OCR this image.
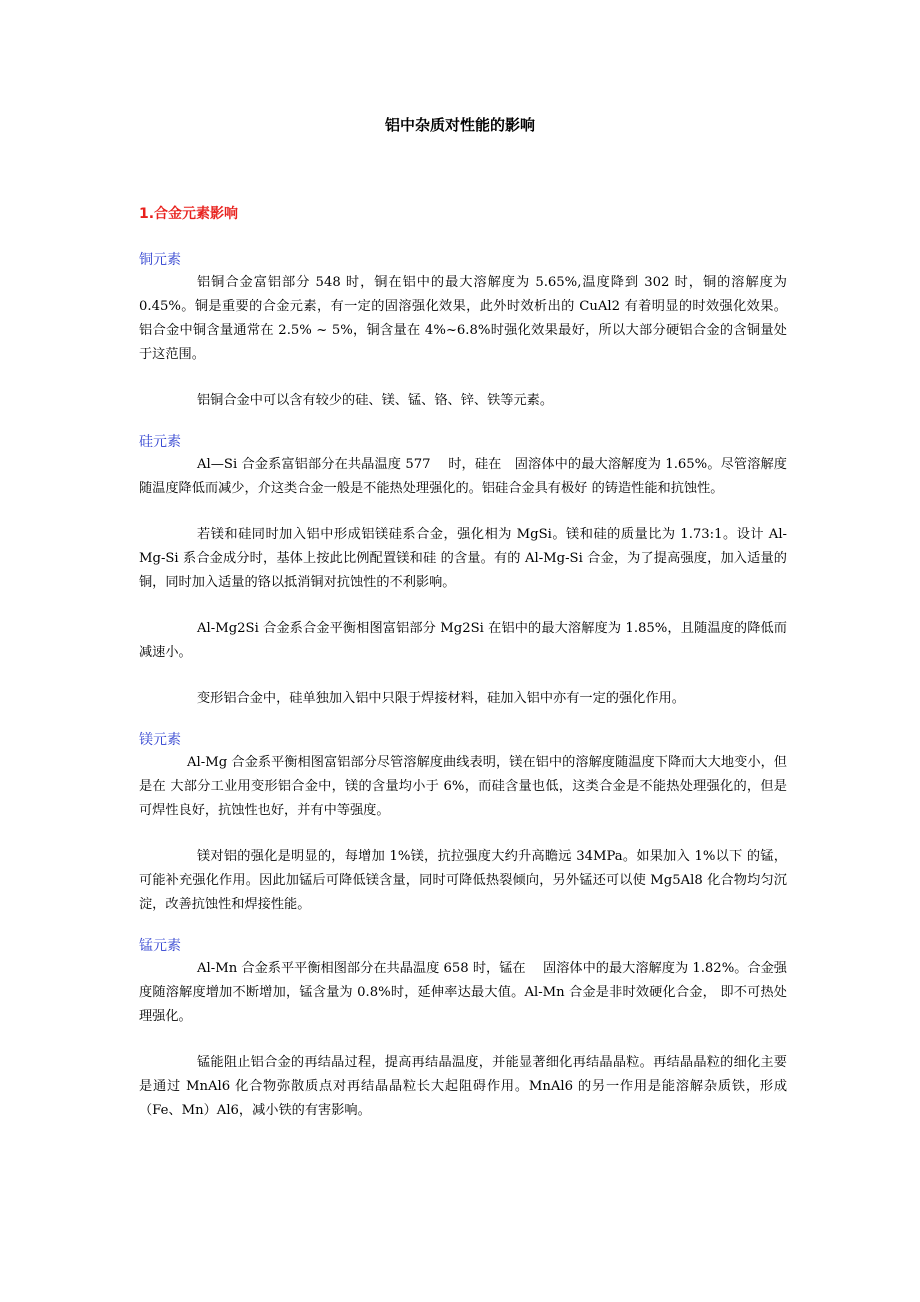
铝中杂质对性能的影响
1.合金元素影响
铜元素

铝铜合金富铝部分 548 时，铜在铝中的最大溶解度为 5.65%,温度降到 302 时，铜的溶解度为 0.45%。铜是重要的合金元素，有一定的固溶强化效果，此外时效析出的 CuAl2 有着明显的时效强化效果。 铝合金中铜含量通常在 2.5% ~ 5%，铜含量在 4%~6.8%时强化效果最好，所以大部分硬铝合金的含铜量处于这范围。

铝铜合金中可以含有较少的硅、镁、锰、铬、锌、铁等元素。

硅元素

Al—Si 合金系富铝部分在共晶温度 577　 时，硅在　固溶体中的最大溶解度为 1.65%。尽管溶解度随温度降低而减少，介这类合金一般是不能热处理强化的。铝硅合金具有极好 的铸造性能和抗蚀性。

若镁和硅同时加入铝中形成铝镁硅系合金，强化相为 MgSi。镁和硅的质量比为 1.73:1。设计 Al-Mg-Si 系合金成分时，基体上按此比例配置镁和硅 的含量。有的 Al-Mg-Si 合金，为了提高强度，加入适量的铜，同时加入适量的铬以抵消铜对抗蚀性的不利影响。

Al-Mg2Si 合金系合金平衡相图富铝部分 Mg2Si 在铝中的最大溶解度为 1.85%，且随温度的降低而减速小。

变形铝合金中，硅单独加入铝中只限于焊接材料，硅加入铝中亦有一定的强化作用。

镁元素

Al-Mg 合金系平衡相图富铝部分尽管溶解度曲线表明，镁在铝中的溶解度随温度下降而大大地变小，但是在 大部分工业用变形铝合金中，镁的含量均小于 6%，而硅含量也低，这类合金是不能热处理强化的，但是可焊性良好，抗蚀性也好，并有中等强度。

镁对铝的强化是明显的，每增加 1%镁，抗拉强度大约升高瞻远 34MPa。如果加入 1%以下 的锰，可能补充强化作用。因此加锰后可降低镁含量，同时可降低热裂倾向，另外锰还可以使 Mg5Al8 化合物均匀沉淀，改善抗蚀性和焊接性能。

锰元素

Al-Mn 合金系平平衡相图部分在共晶温度 658 时，锰在　 固溶体中的最大溶解度为 1.82%。合金强度随溶解度增加不断增加，锰含量为 0.8%时，延伸率达最大值。Al-Mn 合金是非时效硬化合金， 即不可热处理强化。

锰能阻止铝合金的再结晶过程，提高再结晶温度，并能显著细化再结晶晶粒。再结晶晶粒的细化主要是通过 MnAl6 化合物弥散质点对再结晶晶粒长大起阻碍作用。MnAl6 的另一作用是能溶解杂质铁，形成（Fe、Mn）Al6，减小铁的有害影响。
